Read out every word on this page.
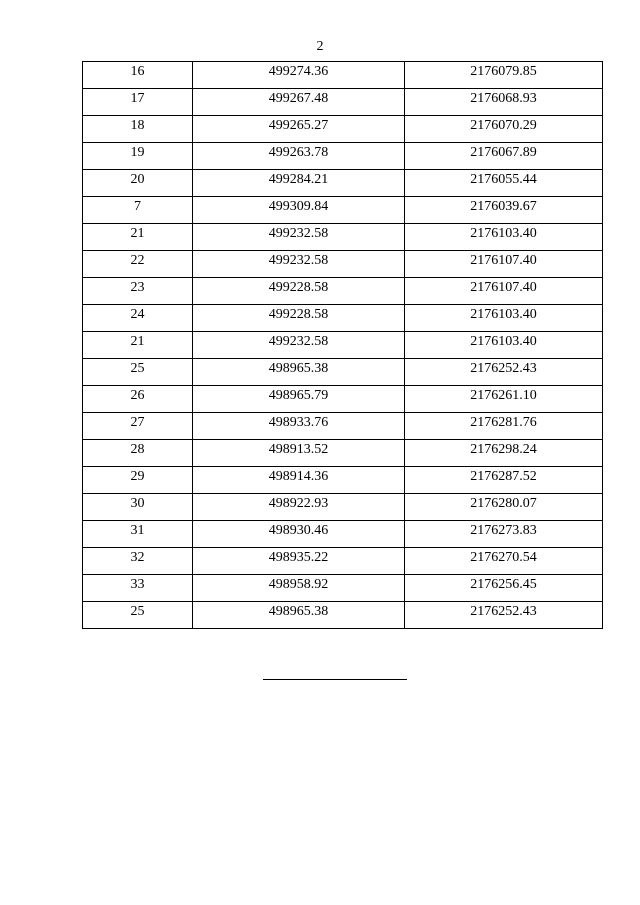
2
16	499274.36	2176079.85
17	499267.48	2176068.93
18	499265.27	2176070.29
19	499263.78	2176067.89
20	499284.21	2176055.44
7	499309.84	2176039.67
21	499232.58	2176103.40
22	499232.58	2176107.40
23	499228.58	2176107.40
24	499228.58	2176103.40
21	499232.58	2176103.40
25	498965.38	2176252.43
26	498965.79	2176261.10
27	498933.76	2176281.76
28	498913.52	2176298.24
29	498914.36	2176287.52
30	498922.93	2176280.07
31	498930.46	2176273.83
32	498935.22	2176270.54
33	498958.92	2176256.45
25	498965.38	2176252.43
